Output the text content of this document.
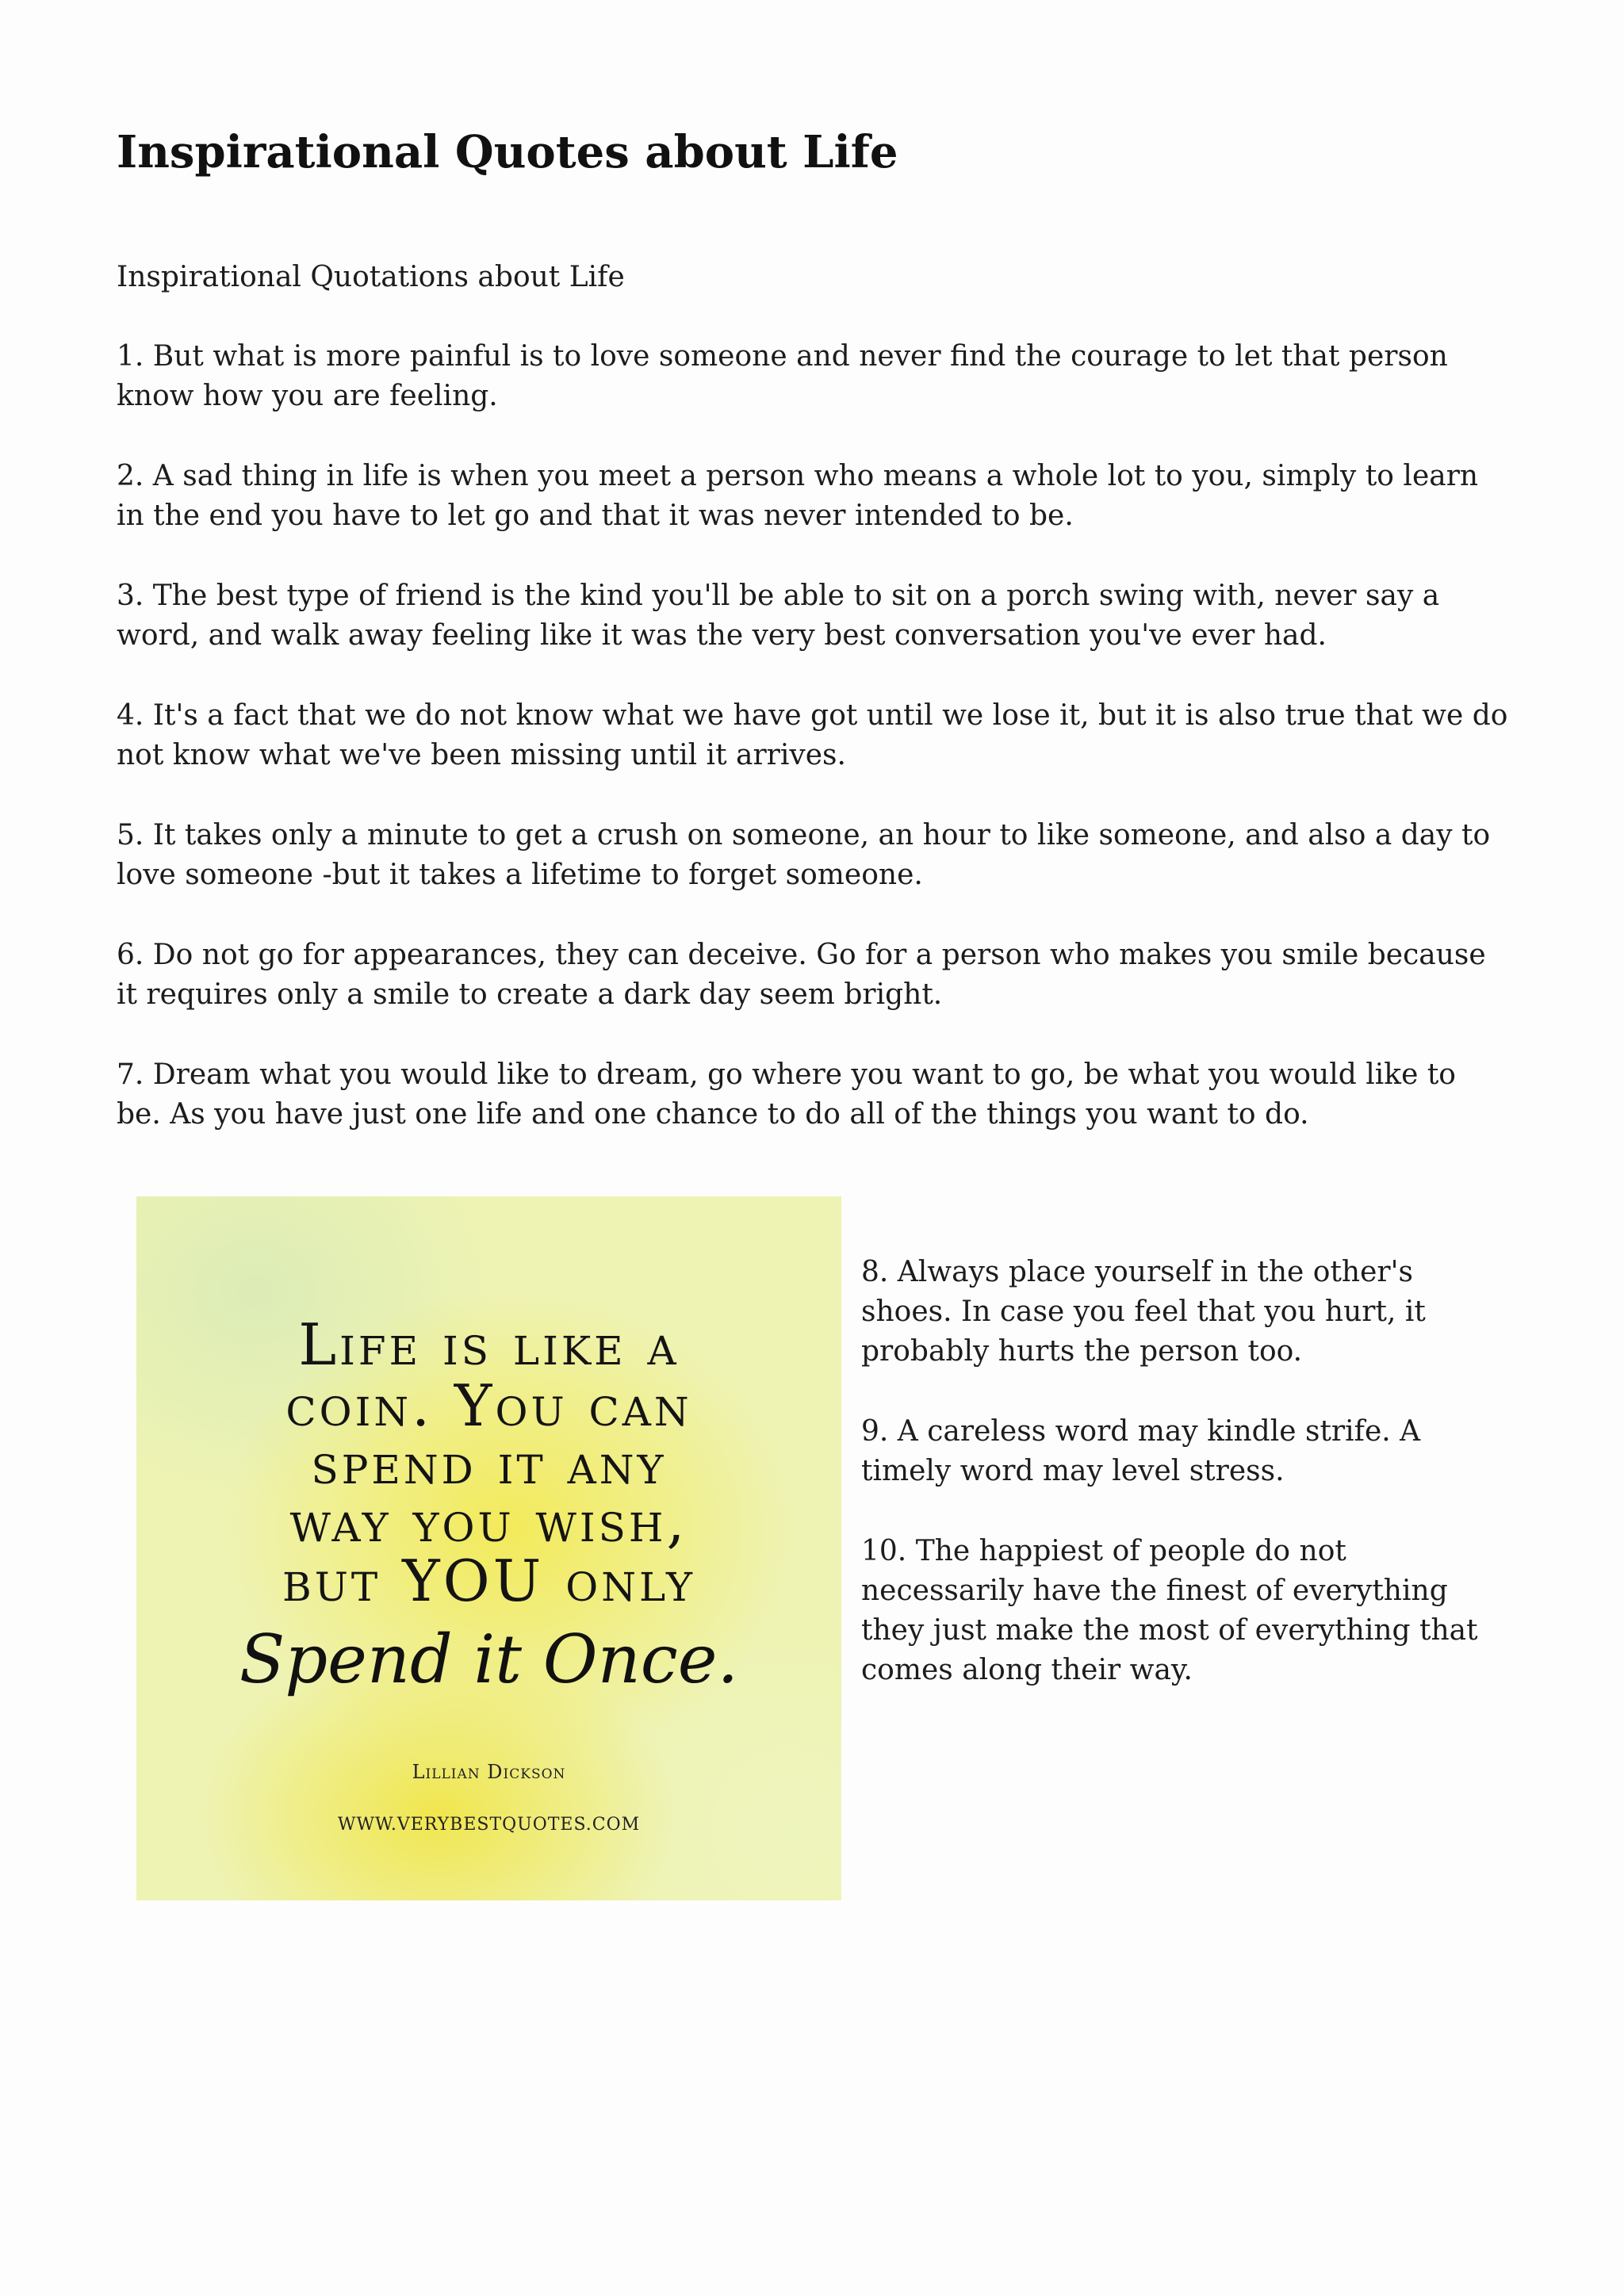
Inspirational Quotes about Life

Inspirational Quotations about Life

1. But what is more painful is to love someone and never find the courage to let that person know how you are feeling.
2. A sad thing in life is when you meet a person who means a whole lot to you, simply to learn in the end you have to let go and that it was never intended to be.
3. The best type of friend is the kind you'll be able to sit on a porch swing with, never say a word, and walk away feeling like it was the very best conversation you've ever had.
4. It's a fact that we do not know what we have got until we lose it, but it is also true that we do not know what we've been missing until it arrives.
5. It takes only a minute to get a crush on someone, an hour to like someone, and also a day to love someone -but it takes a lifetime to forget someone.
6. Do not go for appearances, they can deceive. Go for a person who makes you smile because it requires only a smile to create a dark day seem bright.
7. Dream what you would like to dream, go where you want to go, be what you would like to be. As you have just one life and one chance to do all of the things you want to do.
Life is like a
coin. You can
spend it any
way you wish,
but YOU only
Spend it Once.
Lillian Dickson
WWW.VERYBESTQUOTES.COM
8. Always place yourself in the other's shoes. In case you feel that you hurt, it probably hurts the person too.
9. A careless word may kindle strife. A timely word may level stress.
10. The happiest of people do not necessarily have the finest of everything they just make the most of everything that comes along their way.
